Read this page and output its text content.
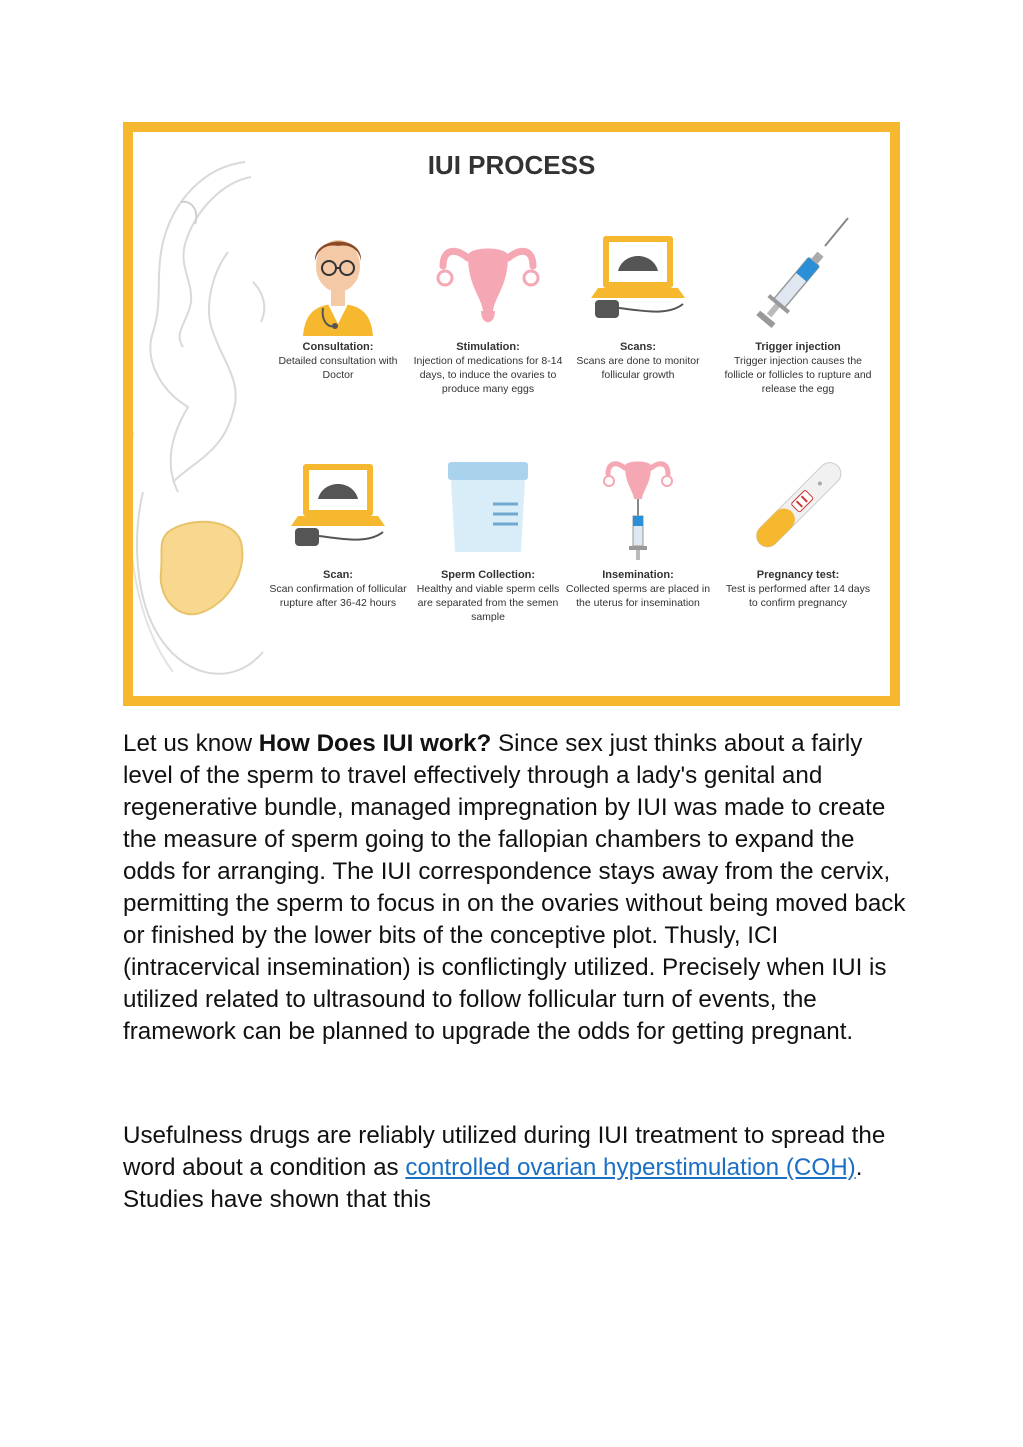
IUI PROCESS
Consultation:
Detailed consultation with Doctor
Stimulation:
Injection of medications for 8-14 days, to induce the ovaries to produce many eggs
Scans:
Scans are done to monitor follicular growth
Trigger injection
Trigger injection causes the follicle or follicles to rupture and release the egg
Scan:
Scan confirmation of follicular rupture after 36-42 hours
Sperm Collection:
Healthy and viable sperm cells are separated from the semen sample
Insemination:
Collected sperms are placed in the uterus for insemination
Pregnancy test:
Test is performed after 14 days to confirm pregnancy

Let us know How Does IUI work? Since sex just thinks about a fairly level of the sperm to travel effectively through a lady's genital and regenerative bundle, managed impregnation by IUI was made to create the measure of sperm going to the fallopian chambers to expand the odds for arranging. The IUI correspondence stays away from the cervix, permitting the sperm to focus in on the ovaries without being moved back or finished by the lower bits of the conceptive plot. Thusly, ICI (intracervical insemination) is conflictingly utilized. Precisely when IUI is utilized related to ultrasound to follow follicular turn of events, the framework can be planned to upgrade the odds for getting pregnant.

Usefulness drugs are reliably utilized during IUI treatment to spread the word about a condition as controlled ovarian hyperstimulation (COH). Studies have shown that this
